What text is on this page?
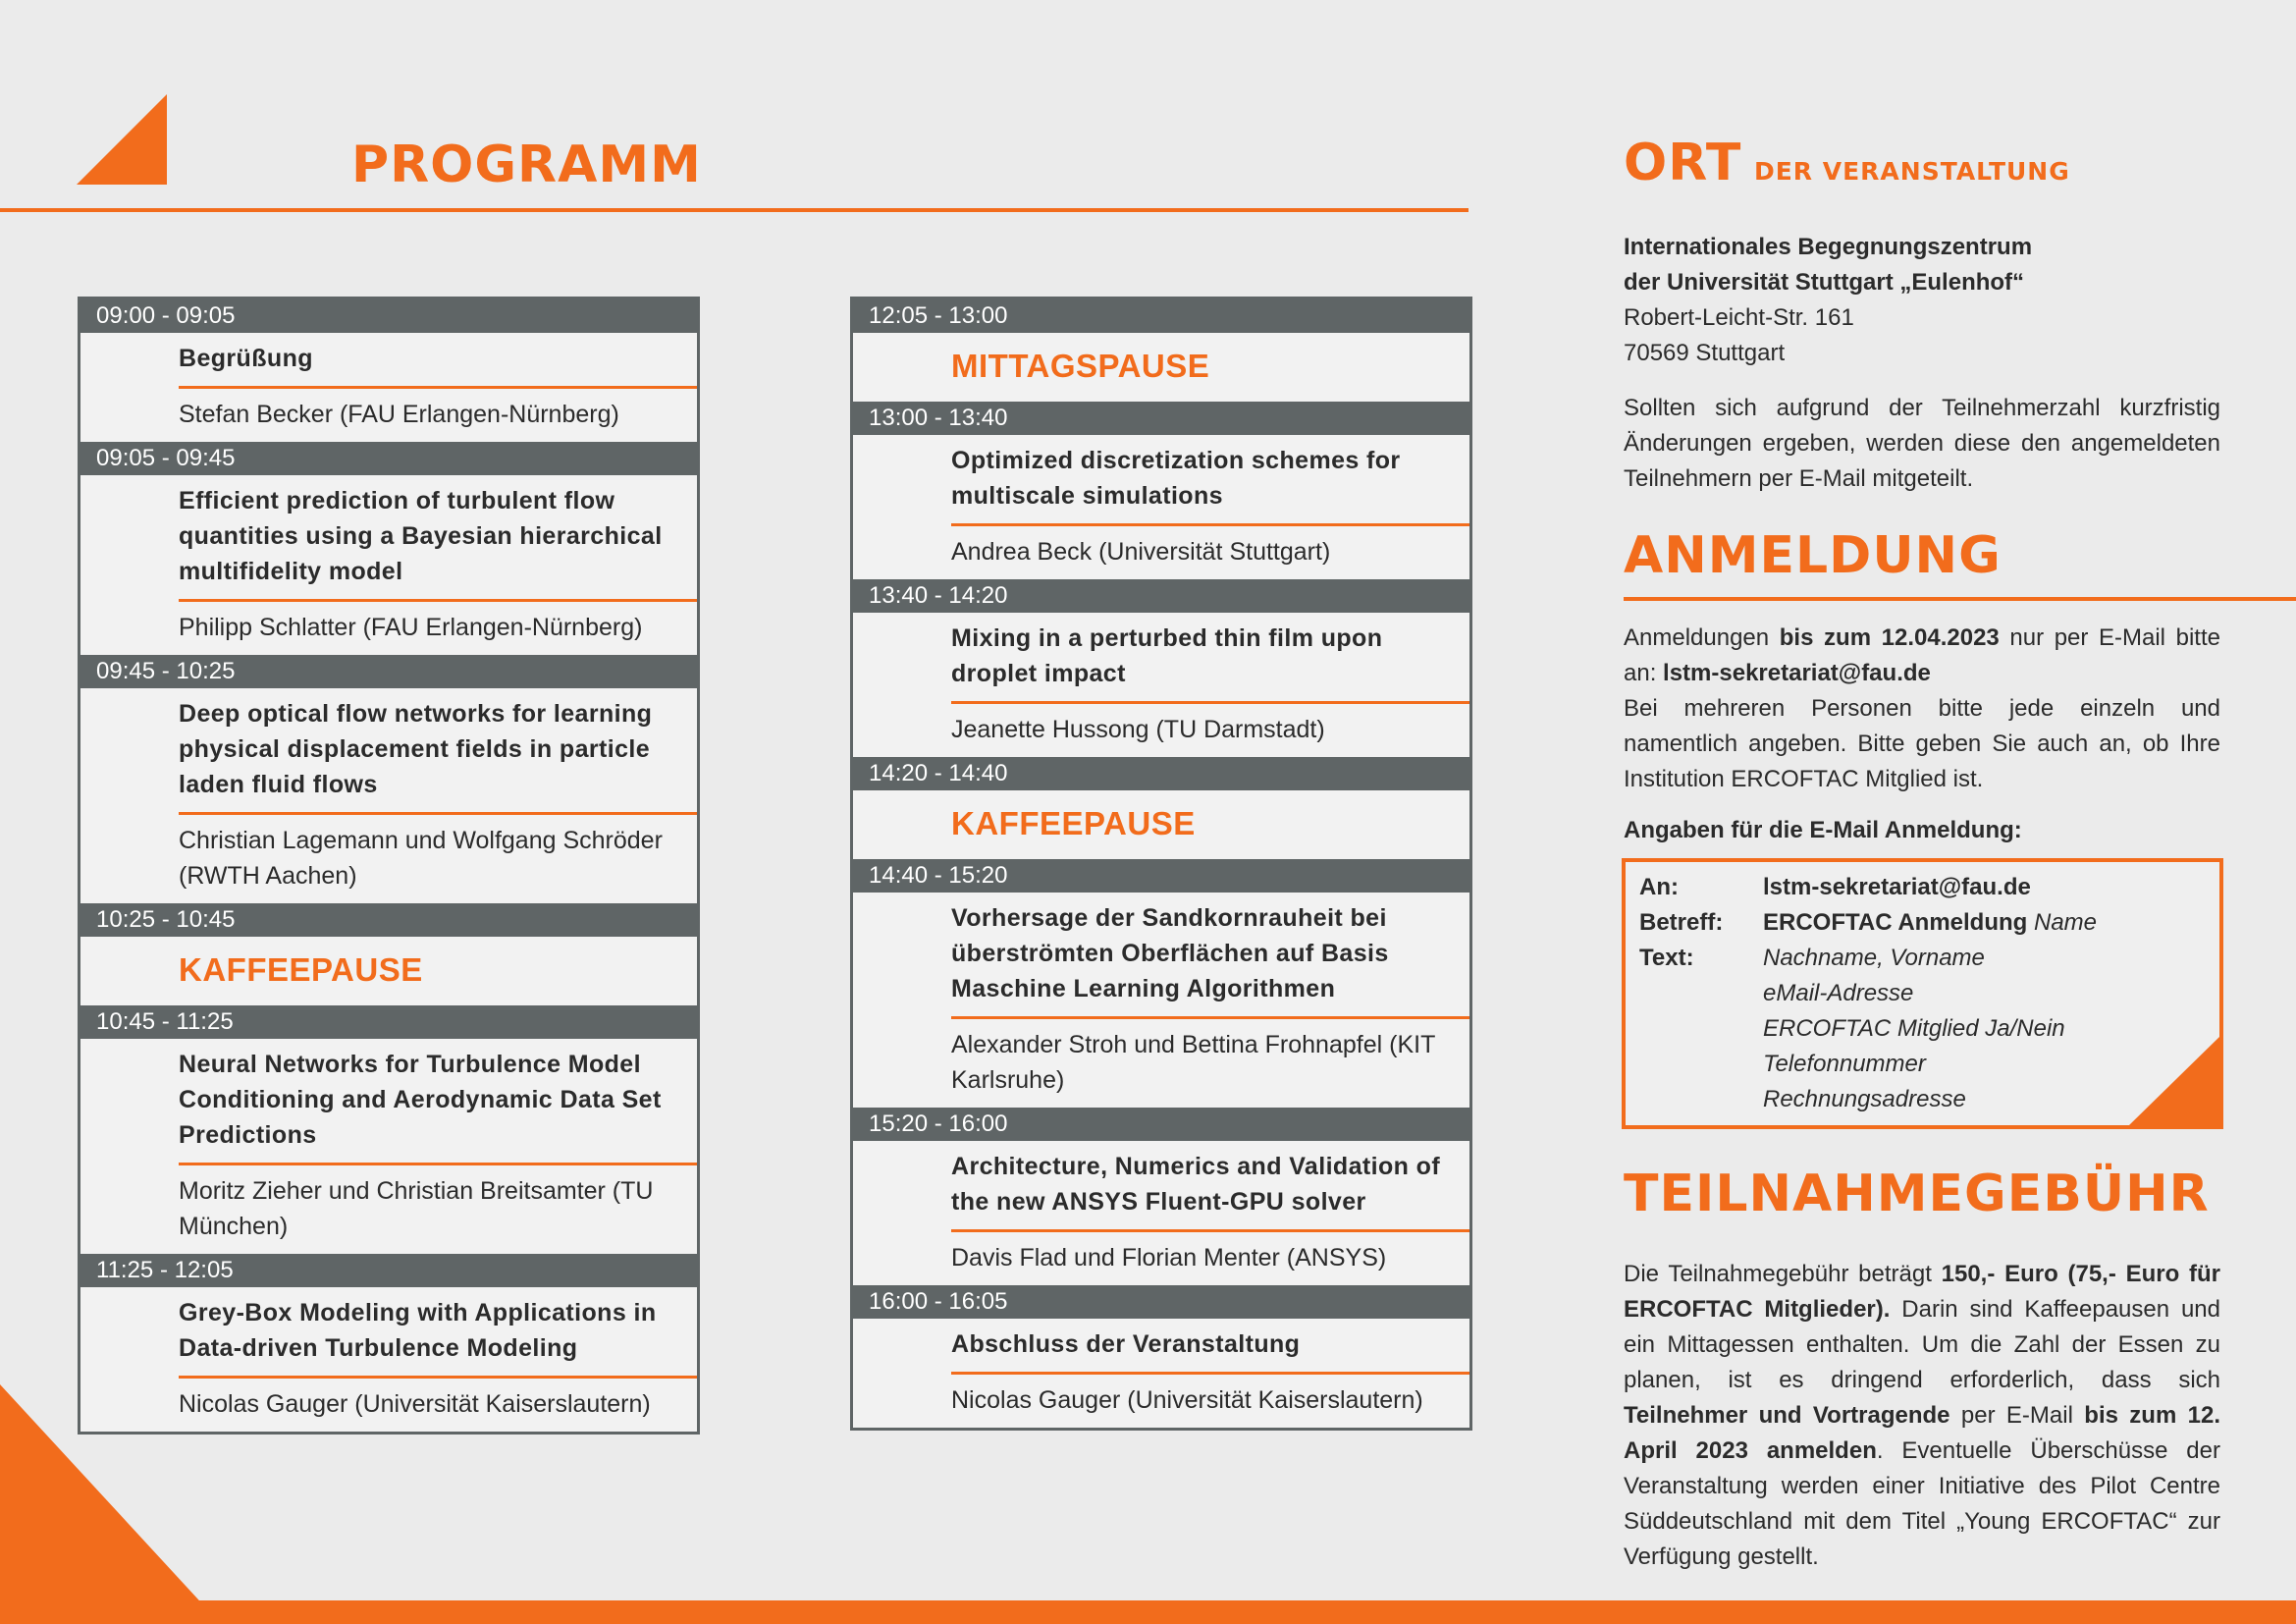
PROGRAMM
09:00 - 09:05
Begrüßung
Stefan Becker (FAU Erlangen-Nürnberg)
09:05 - 09:45
Efficient prediction of turbulent flow quantities using a Bayesian hierarchical multifidelity model
Philipp Schlatter (FAU Erlangen-Nürnberg)
09:45 - 10:25
Deep optical flow networks for learning physical displacement fields in particle laden fluid flows
Christian Lagemann und Wolfgang Schröder (RWTH Aachen)
10:25 - 10:45
KAFFEEPAUSE
10:45 - 11:25
Neural Networks for Turbulence Model Conditioning and Aerodynamic Data Set Predictions
Moritz Zieher und Christian Breitsamter (TU München)
11:25 - 12:05
Grey-Box Modeling with Applications in Data-driven Turbulence Modeling
Nicolas Gauger (Universität Kaiserslautern)
12:05 - 13:00
MITTAGSPAUSE
13:00 - 13:40
Optimized discretization schemes for multiscale simulations
Andrea Beck (Universität Stuttgart)
13:40 - 14:20
Mixing in a perturbed thin film upon droplet impact
Jeanette Hussong (TU Darmstadt)
14:20 - 14:40
KAFFEEPAUSE
14:40 - 15:20
Vorhersage der Sandkornrauheit bei überströmten Oberflächen auf Basis Maschine Learning Algorithmen
Alexander Stroh und Bettina Frohnapfel (KIT Karlsruhe)
15:20 - 16:00
Architecture, Numerics and Validation of the new ANSYS Fluent-GPU solver
Davis Flad und Florian Menter (ANSYS)
16:00 - 16:05
Abschluss der Veranstaltung
Nicolas Gauger (Universität Kaiserslautern)
ORT DER VERANSTALTUNG
Internationales Begegnungszentrum
der Universität Stuttgart „Eulenhof“
Robert-Leicht-Str. 161
70569 Stuttgart
Sollten sich aufgrund der Teilnehmerzahl kurzfristig Änderungen ergeben, werden diese den angemeldeten Teilnehmern per E-Mail mitgeteilt.
ANMELDUNG
Anmeldungen bis zum 12.04.2023 nur per E-Mail bitte an: lstm-sekretariat@fau.de
Bei mehreren Personen bitte jede einzeln und namentlich angeben. Bitte geben Sie auch an, ob Ihre Institution ERCOFTAC Mitglied ist.
Angaben für die E-Mail Anmeldung:
An:	lstm-sekretariat@fau.de
Betreff:	ERCOFTAC Anmeldung Name
Text:	Nachname, Vorname
eMail-Adresse
ERCOFTAC Mitglied Ja/Nein
Telefonnummer
Rechnungsadresse
TEILNAHMEGEBÜHR
Die Teilnahmegebühr beträgt 150,- Euro (75,- Euro für ERCOFTAC Mitglieder). Darin sind Kaffeepausen und ein Mittagessen enthalten. Um die Zahl der Essen zu planen, ist es dringend erforderlich, dass sich Teilnehmer und Vortragende per E-Mail bis zum 12. April 2023 anmelden. Eventuelle Überschüsse der Veranstaltung werden einer Initiative des Pilot Centre Süddeutschland mit dem Titel „Young ERCOFTAC“ zur Verfügung gestellt.
